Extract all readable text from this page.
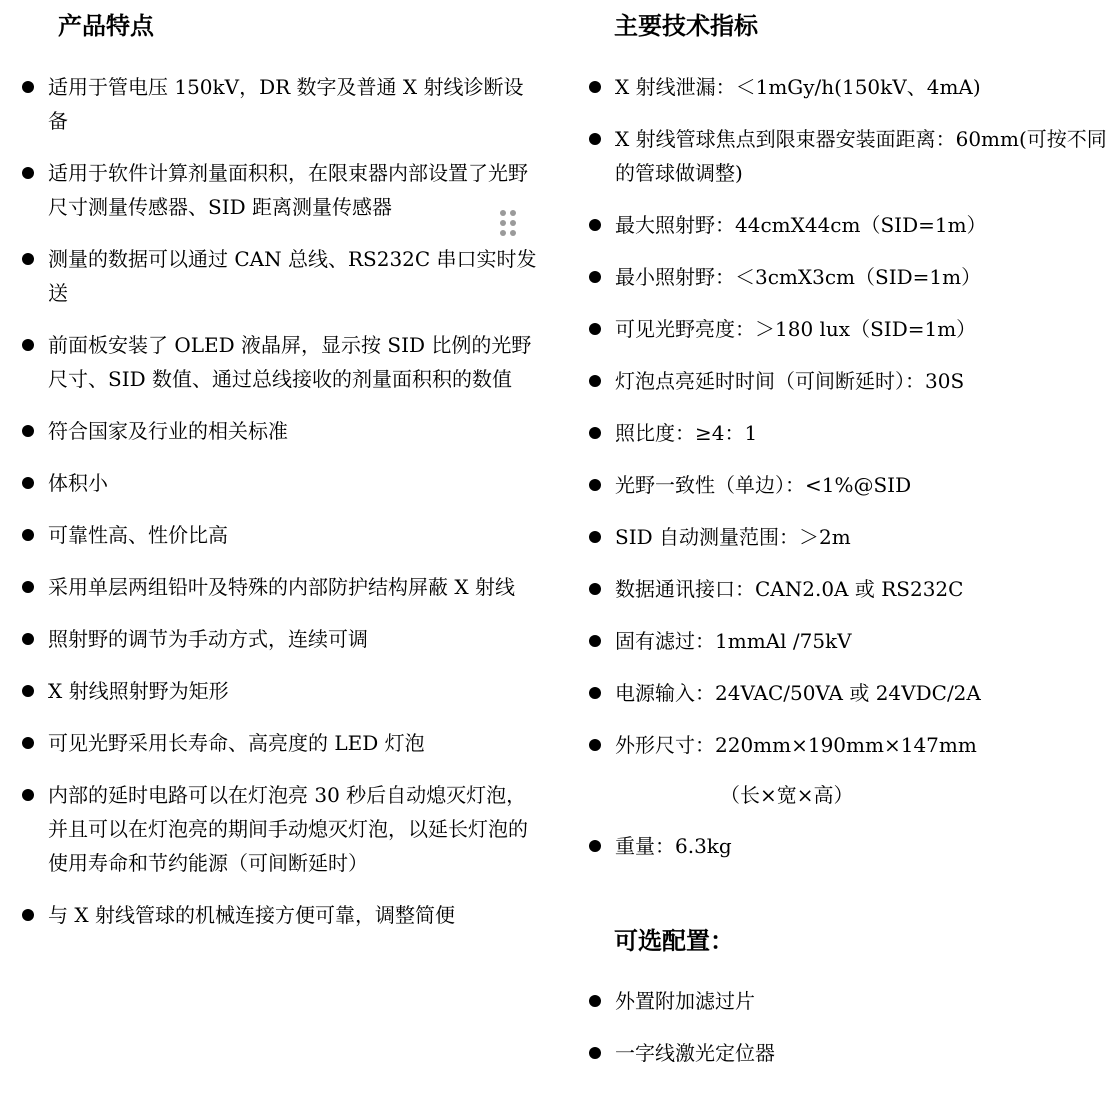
产品特点
适用于管电压 150kV，DR 数字及普通 X 射线诊断设备
适用于软件计算剂量面积积，在限束器内部设置了光野尺寸测量传感器、SID 距离测量传感器
测量的数据可以通过 CAN 总线、RS232C 串口实时发送
前面板安装了 OLED 液晶屏，显示按 SID 比例的光野尺寸、SID 数值、通过总线接收的剂量面积积的数值
符合国家及行业的相关标准
体积小
可靠性高、性价比高
采用单层两组铅叶及特殊的内部防护结构屏蔽 X 射线
照射野的调节为手动方式，连续可调
X 射线照射野为矩形
可见光野采用长寿命、高亮度的 LED 灯泡
内部的延时电路可以在灯泡亮 30 秒后自动熄灭灯泡，并且可以在灯泡亮的期间手动熄灭灯泡，以延长灯泡的使用寿命和节约能源（可间断延时）
与 X 射线管球的机械连接方便可靠，调整简便
主要技术指标
X 射线泄漏：＜1mGy/h(150kV、4mA)
X 射线管球焦点到限束器安装面距离：60mm(可按不同的管球做调整)
最大照射野：44cmX44cm（SID=1m）
最小照射野：＜3cmX3cm（SID=1m）
可见光野亮度：＞180 lux（SID=1m）
灯泡点亮延时时间（可间断延时）：30S
照比度：≥4：1
光野一致性（单边）：<1%@SID
SID 自动测量范围：＞2m
数据通讯接口：CAN2.0A 或 RS232C
固有滤过：1mmAl /75kV
电源输入：24VAC/50VA 或 24VDC/2A
外形尺寸：220mm×190mm×147mm
（长×宽×高）
重量：6.3kg
可选配置：
外置附加滤过片
一字线激光定位器
